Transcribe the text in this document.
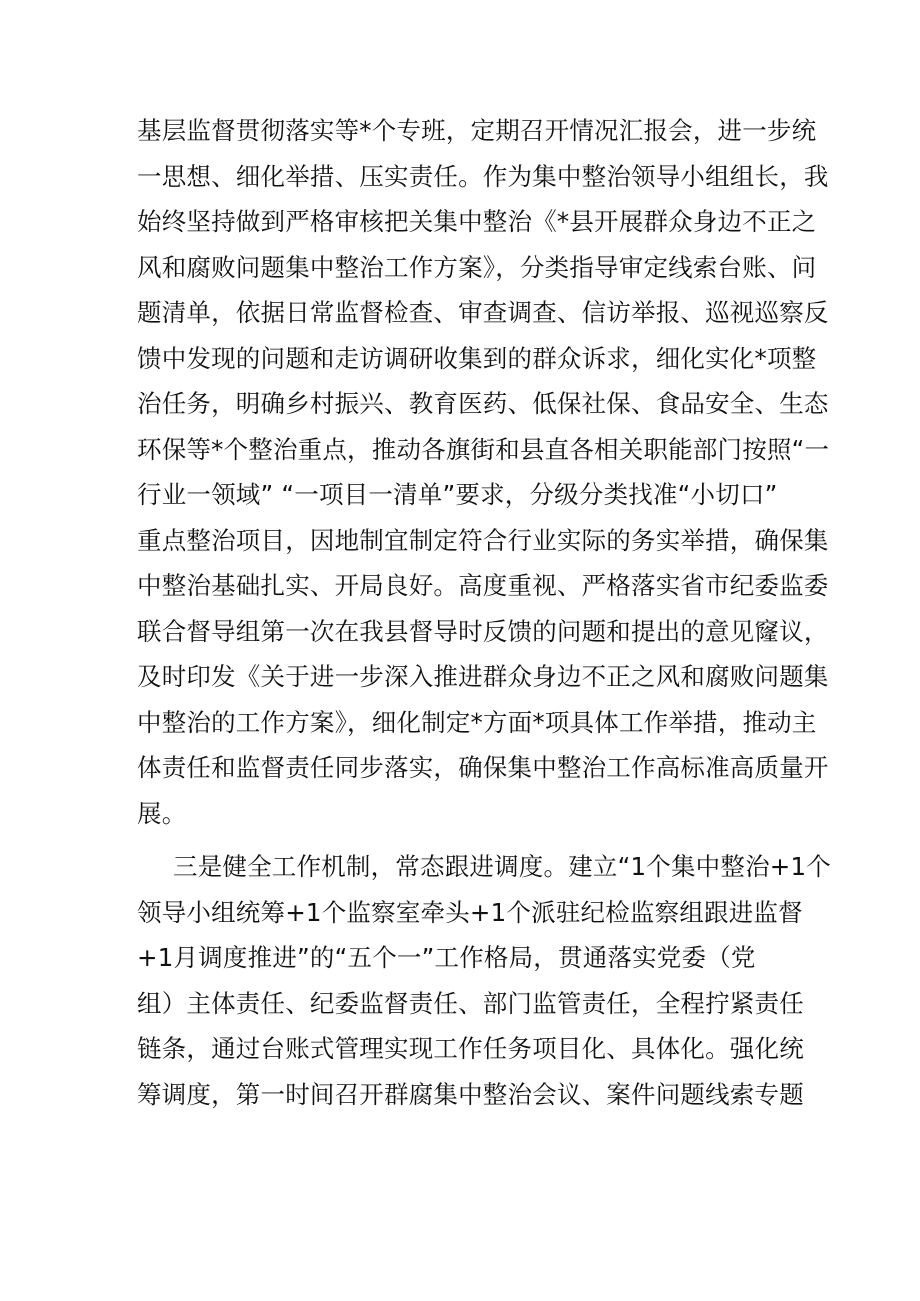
基层监督贯彻落实等*个专班，定期召开情况汇报会，进一步统
一思想、细化举措、压实责任。作为集中整治领导小组组长，我
始终坚持做到严格审核把关集中整治《*县开展群众身边不正之
风和腐败问题集中整治工作方案》，分类指导审定线索台账、问
题清单，依据日常监督检查、审查调查、信访举报、巡视巡察反
馈中发现的问题和走访调研收集到的群众诉求，细化实化*项整
治任务，明确乡村振兴、教育医药、低保社保、食品安全、生态
环保等*个整治重点，推动各旗街和县直各相关职能部门按照“一
行业一领域” “一项目一清单”要求，分级分类找准“小切口”
重点整治项目，因地制宜制定符合行业实际的务实举措，确保集
中整治基础扎实、开局良好。高度重视、严格落实省市纪委监委
联合督导组第一次在我县督导时反馈的问题和提出的意见窿议，
及时印发《关于进一步深入推进群众身边不正之风和腐败问题集
中整治的工作方案》，细化制定*方面*项具体工作举措，推动主
体责任和监督责任同步落实，确保集中整治工作高标准高质量开
展。
三是健全工作机制，常态跟进调度。建立“1个集中整治+1个
领导小组统筹+1个监察室牵头+1个派驻纪检监察组跟进监督
+1月调度推进”的“五个一”工作格局，贯通落实党委（党
组）主体责任、纪委监督责任、部门监管责任，全程拧紧责任
链条，通过台账式管理实现工作任务项目化、具体化。强化统
筹调度，第一时间召开群腐集中整治会议、案件问题线索专题
